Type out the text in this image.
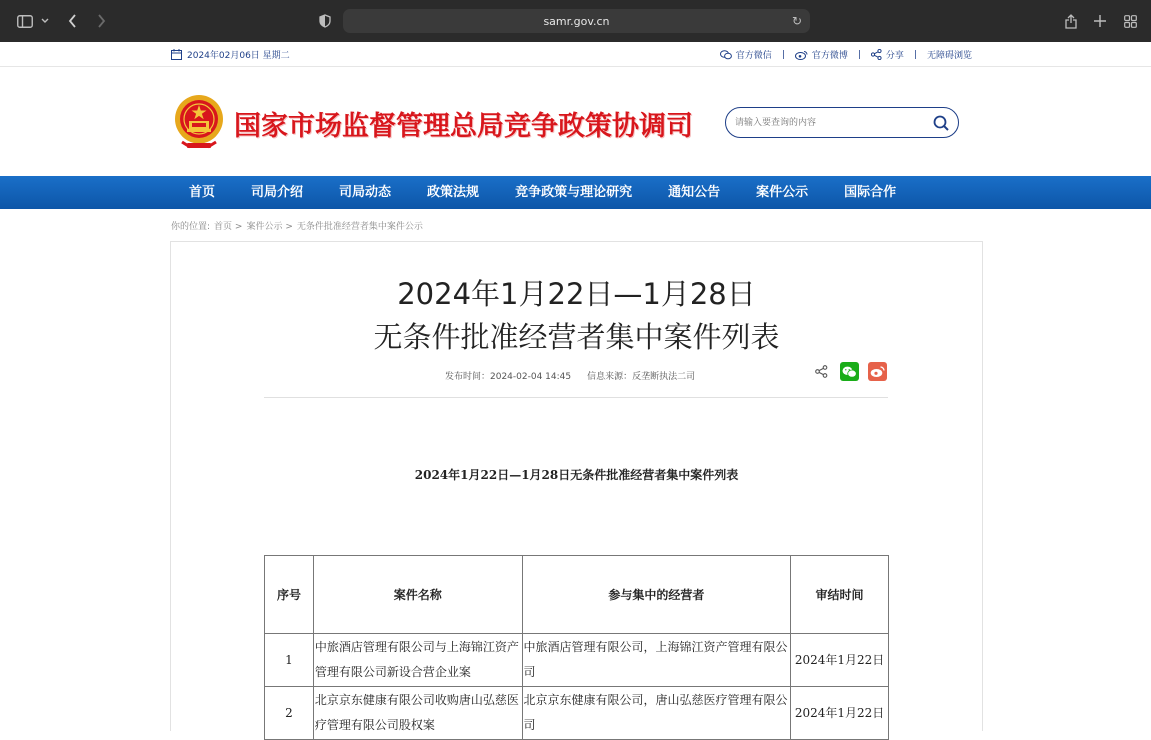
samr.gov.cn	↻
2024年02月06日 星期二	官方微信 |	官方微博 |	分享 | 无障碍浏览
国家市场监督管理总局竞争政策协调司
请输入要查询的内容
首页	司局介绍	司局动态	政策法规	竞争政策与理论研究	通知公告	案件公示	国际合作
你的位置: 首页 > 案件公示 > 无条件批准经营者集中案件公示
2024年1月22日—1月28日
无条件批准经营者集中案件列表
发布时间：2024-02-04 14:45 信息来源：反垄断执法二司
2024年1月22日—1月28日无条件批准经营者集中案件列表
序号	案件名称	参与集中的经营者	审结时间
1	中旅酒店管理有限公司与上海锦江资产管理有限公司新设合营企业案	中旅酒店管理有限公司，上海锦江资产管理有限公司	2024年1月22日
2	北京京东健康有限公司收购唐山弘慈医疗管理有限公司股权案	北京京东健康有限公司，唐山弘慈医疗管理有限公司	2024年1月22日
